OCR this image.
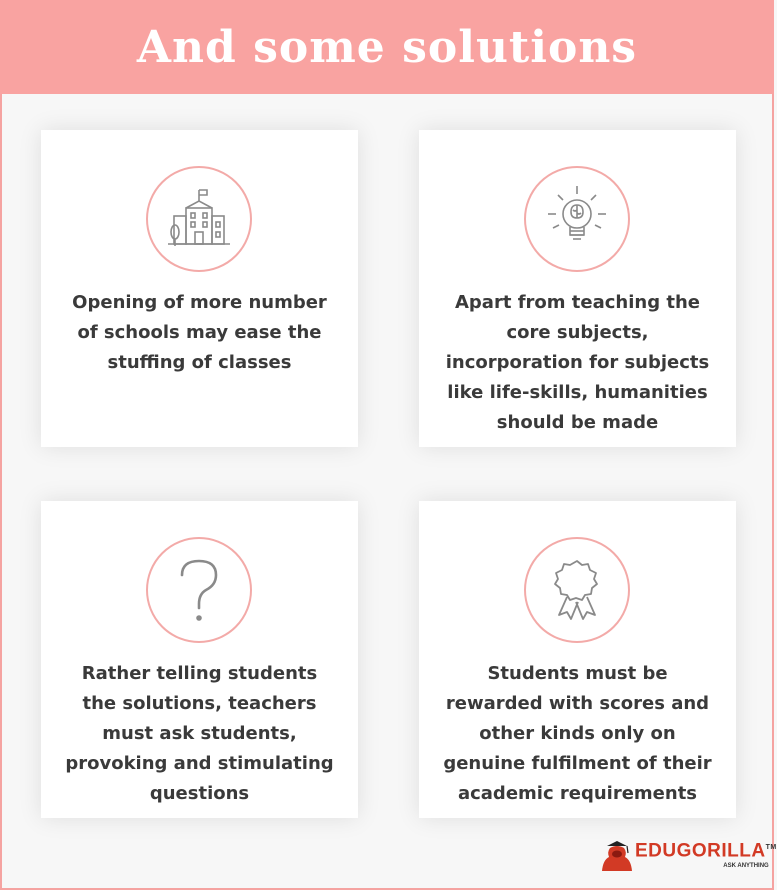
And some solutions
Opening of more number of schools may ease the stuffing of classes
Apart from teaching the core subjects, incorporation for subjects like life-skills, humanities should be made
Rather telling students the solutions, teachers must ask students, provoking and stimulating questions
Students must be rewarded with scores and other kinds only on genuine fulfilment of their academic requirements
EDUGORILLA™
ASK ANYTHING
